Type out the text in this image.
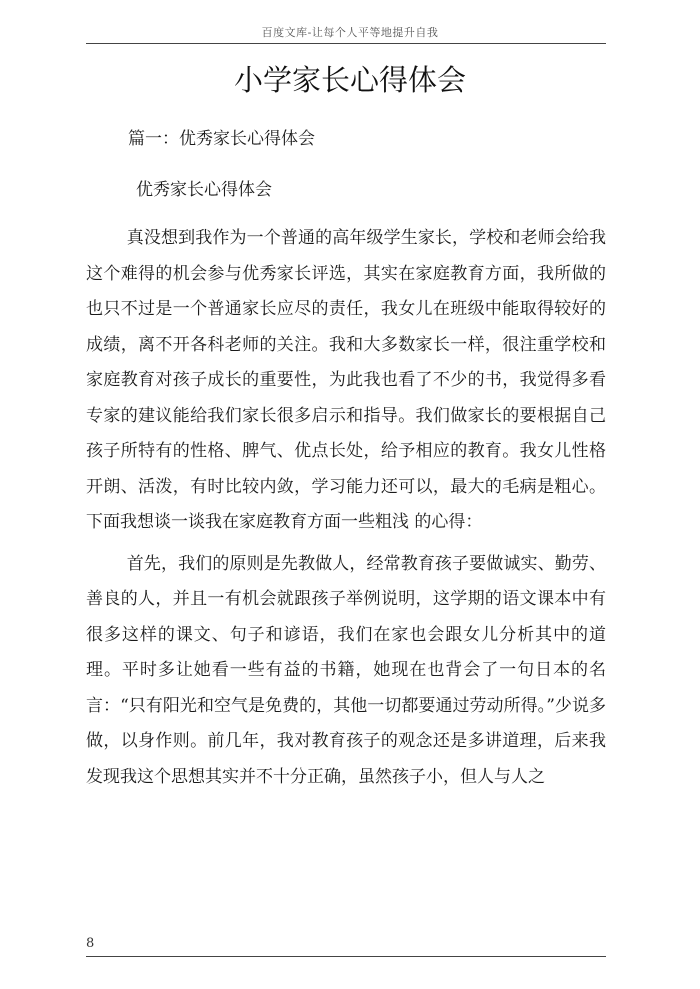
百度文库-让每个人平等地提升自我
小学家长心得体会
篇一：优秀家长心得体会
优秀家长心得体会

真没想到我作为一个普通的高年级学生家长，学校和老师会给我这个难得的机会参与优秀家长评选，其实在家庭教育方面，我所做的也只不过是一个普通家长应尽的责任，我女儿在班级中能取得较好的成绩，离不开各科老师的关注。我和大多数家长一样，很注重学校和家庭教育对孩子成长的重要性，为此我也看了不少的书，我觉得多看专家的建议能给我们家长很多启示和指导。我们做家长的要根据自己孩子所特有的性格、脾气、优点长处，给予相应的教育。我女儿性格开朗、活泼，有时比较内敛，学习能力还可以，最大的毛病是粗心。下面我想谈一谈我在家庭教育方面一些粗浅 的心得：

首先，我们的原则是先教做人，经常教育孩子要做诚实、勤劳、善良的人，并且一有机会就跟孩子举例说明，这学期的语文课本中有很多这样的课文、句子和谚语，我们在家也会跟女儿分析其中的道理。平时多让她看一些有益的书籍，她现在也背会了一句日本的名言：“只有阳光和空气是免费的，其他一切都要通过劳动所得。”少说多做，以身作则。前几年，我对教育孩子的观念还是多讲道理，后来我发现我这个思想其实并不十分正确，虽然孩子小，但人与人之

8
